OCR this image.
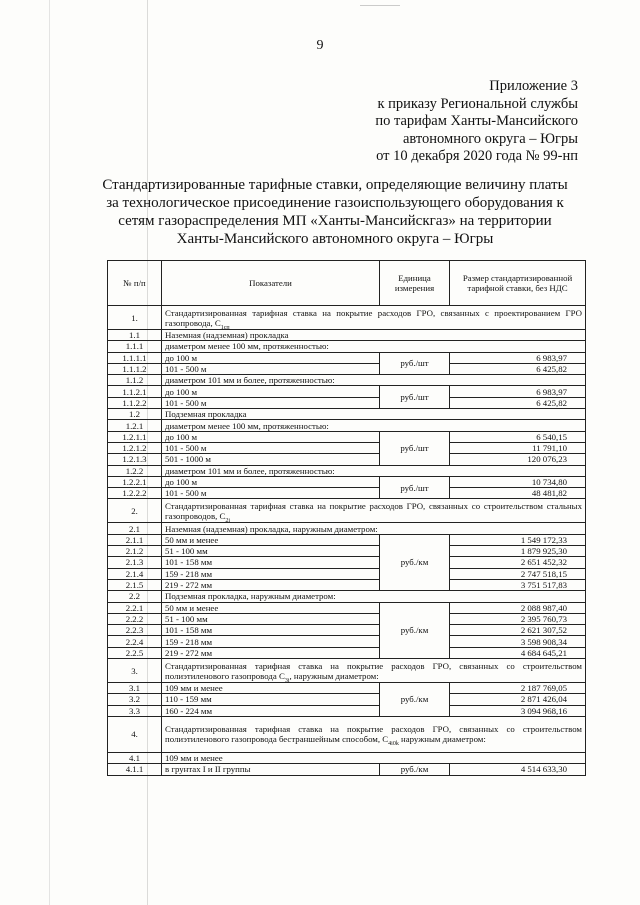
9
Приложение 3
к приказу Региональной службы
по тарифам Ханты-Мансийского
автономного округа – Югры
от 10 декабря 2020 года № 99-нп
Стандартизированные тарифные ставки, определяющие величину платы
за технологическое присоединение газоиспользующего оборудования к
сетям газораспределения МП «Ханты-Мансийскгаз» на территории
Ханты-Мансийского автономного округа – Югры
№ п/п	Показатели	Единица измерения	Размер стандартизированной тарифной ставки, без НДС
1.	Стандартизированная тарифная ставка на покрытие расходов ГРО, связанных с проектированием ГРО газопровода, $С_{1сп}$
1.1	Наземная (надземная) прокладка		
1.1.1	диаметром менее 100 мм, протяженностью:		
1.1.1.1	до 100 м	руб./шт	6 983,97
1.1.1.2	101 - 500 м		6 425,82
1.1.2	диаметром 101 мм и более, протяженностью:		
1.1.2.1	до 100 м	руб./шт	6 983,97
1.1.2.2	101 - 500 м		6 425,82
1.2	Подземная прокладка		
1.2.1	диаметром менее 100 мм, протяженностью:		
1.2.1.1	до 100 м	руб./шт	6 540,15
1.2.1.2	101 - 500 м		11 791,10
1.2.1.3	501 - 1000 м		120 076,23
1.2.2	диаметром 101 мм и более, протяженностью:		
1.2.2.1	до 100 м	руб./шт	10 734,80
1.2.2.2	101 - 500 м		48 481,82
2.	Стандартизированная тарифная ставка на покрытие расходов ГРО, связанных со строительством стальных газопроводов, $С_{2i}$
2.1	Наземная (надземная) прокладка, наружным диаметром:		
2.1.1	50 мм и менее	руб./км	1 549 172,33
2.1.2	51 - 100 мм		1 879 925,30
2.1.3	101 - 158 мм		2 651 452,32
2.1.4	159 - 218 мм		2 747 518,15
2.1.5	219 - 272 мм		3 751 517,83
2.2	Подземная прокладка, наружным диаметром:		
2.2.1	50 мм и менее	руб./км	2 088 987,40
2.2.2	51 - 100 мм		2 395 760,73
2.2.3	101 - 158 мм		2 621 307,52
2.2.4	159 - 218 мм		3 598 908,34
2.2.5	219 - 272 мм		4 684 645,21
3.	Стандартизированная тарифная ставка на покрытие расходов ГРО, связанных со строительством полиэтиленового газопровода $С_{3i}$, наружным диаметром:		
3.1	109 мм и менее	руб./км	2 187 769,05
3.2	110 - 159 мм		2 871 426,04
3.3	160 - 224 мм		3 094 968,16
4.	Стандартизированная тарифная ставка на покрытие расходов ГРО, связанных со строительством полиэтиленового газопровода бестраншейным способом, $С_{4i0k}$ наружным диаметром:		
4.1	109 мм и менее		
4.1.1	в грунтах I и II группы	руб./км	4 514 633,30
